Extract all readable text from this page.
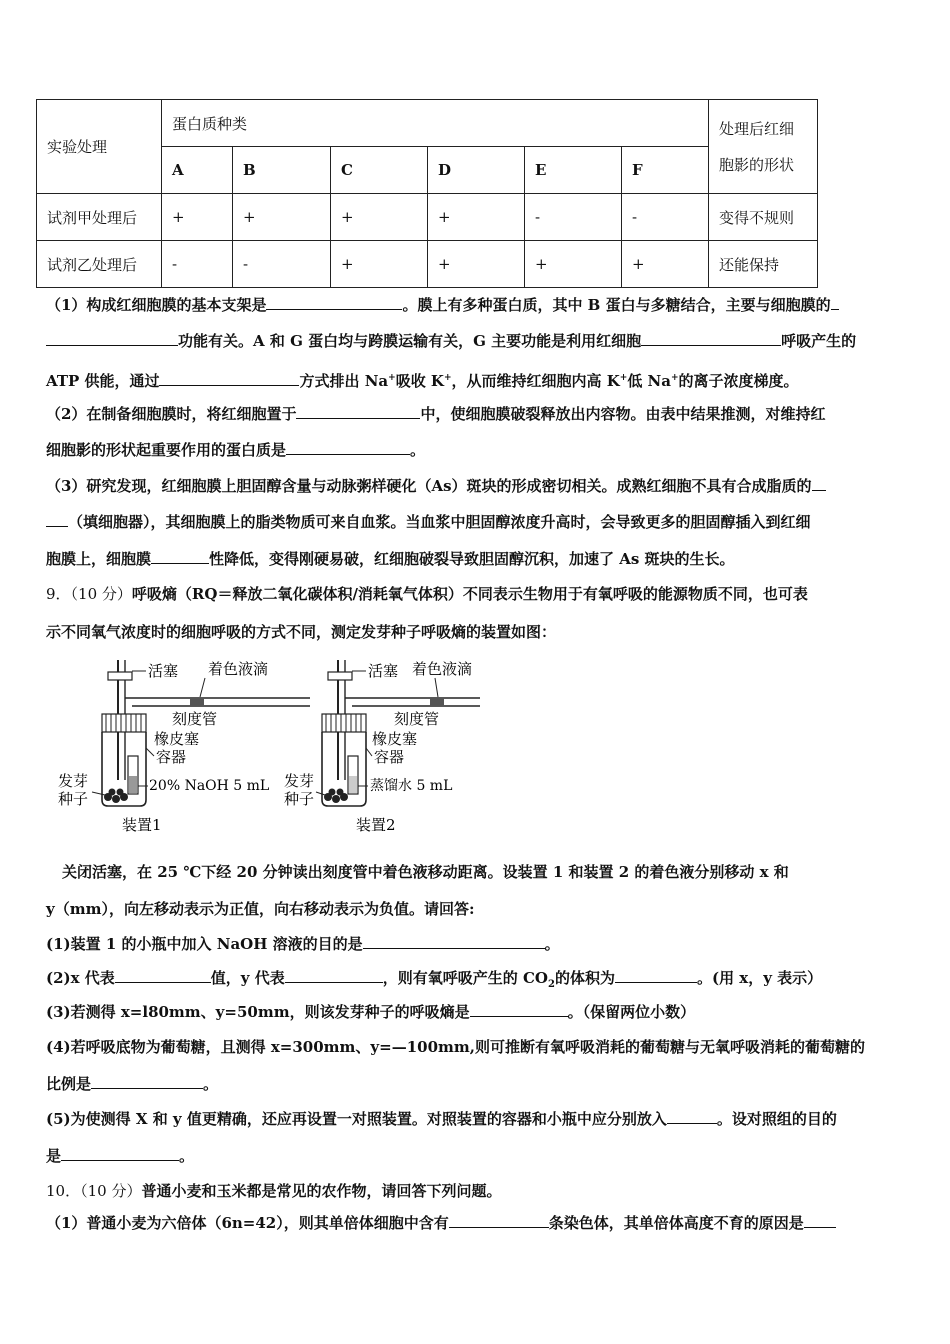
实验处理	蛋白质种类						处理后红细胞影的形状
	A	B	C	D	E	F	
试剂甲处理后	+	+	+	+	-	-	变得不规则
试剂乙处理后	-	-	+	+	+	+	还能保持
（1）构成红细胞膜的基本支架是	。膜上有多种蛋白质，其中 B 蛋白与多糖结合，主要与细胞膜的
功能有关。A 和 G 蛋白均与跨膜运输有关，G 主要功能是利用红细胞	呼吸产生的
ATP 供能，通过	方式排出 Na+吸收 K+，从而维持红细胞内高 K+低 Na+的离子浓度梯度。
（2）在制备细胞膜时，将红细胞置于	中，使细胞膜破裂释放出内容物。由表中结果推测，对维持红
细胞影的形状起重要作用的蛋白质是	。
（3）研究发现，红细胞膜上胆固醇含量与动脉粥样硬化（As）斑块的形成密切相关。成熟红细胞不具有合成脂质的
（填细胞器），其细胞膜上的脂类物质可来自血浆。当血浆中胆固醇浓度升高时，会导致更多的胆固醇插入到红细
胞膜上，细胞膜	性降低，变得刚硬易破，红细胞破裂导致胆固醇沉积，加速了 As 斑块的生长。
9．（10 分）呼吸熵（RQ＝释放二氧化碳体积/消耗氧气体积）不同表示生物用于有氧呼吸的能源物质不同，也可表
示不同氧气浓度时的细胞呼吸的方式不同，测定发芽种子呼吸熵的装置如图：
活塞 着色液滴
刻度管
橡皮塞
容器
20% NaOH 5 mL
发芽
种子
装置1
活塞 着色液滴
刻度管
橡皮塞
容器
蒸馏水 5 mL
发芽
种子
装置2
关闭活塞，在 25 ℃下经 20 分钟读出刻度管中着色液移动距离。设装置 1 和装置 2 的着色液分别移动 x 和
y（mm），向左移动表示为正值，向右移动表示为负值。请回答:
(1)装置 1 的小瓶中加入 NaOH 溶液的目的是	。
(2)x 代表	值，y 代表	，则有氧呼吸产生的 $CO_2$的体积为	。(用 x，y 表示）
(3)若测得 x=l80mm、y=50mm，则该发芽种子的呼吸熵是	。（保留两位小数）
(4)若呼吸底物为葡萄糖，且测得 x=300mm、y=—100mm,则可推断有氧呼吸消耗的葡萄糖与无氧呼吸消耗的葡萄糖的
比例是	。
(5)为使测得 X 和 y 值更精确，还应再设置一对照装置。对照装置的容器和小瓶中应分别放入	。设对照组的目的
是	。
10．（10 分）普通小麦和玉米都是常见的农作物，请回答下列问题。
（1）普通小麦为六倍体（6n=42），则其单倍体细胞中含有	条染色体，其单倍体高度不育的原因是
